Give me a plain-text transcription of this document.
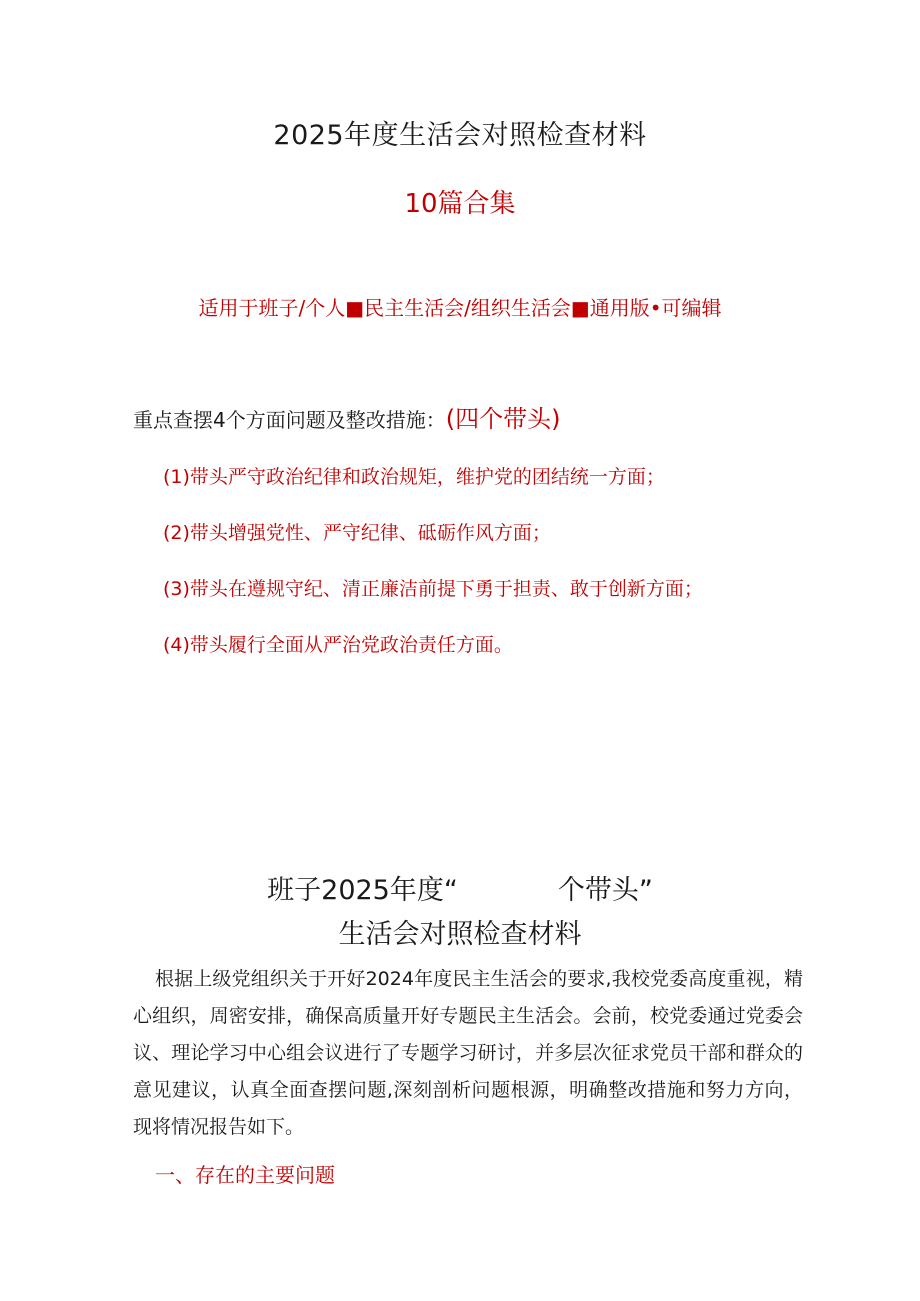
2025年度生活会对照检查材料
10篇合集
适用于班子/个人■民主生活会/组织生活会■通用版•可编辑
重点查摆4个方面问题及整改措施：(四个带头)
(1)带头严守政治纪律和政治规矩，维护党的团结统一方面；
(2)带头增强党性、严守纪律、砥砺作风方面；
(3)带头在遵规守纪、清正廉洁前提下勇于担责、敢于创新方面；
(4)带头履行全面从严治党政治责任方面。
班子2025年度“	个带头”
生活会对照检查材料

根据上级党组织关于开好2024年度民主生活会的要求,我校党委高度重视，精心组织，周密安排，确保高质量开好专题民主生活会。会前，校党委通过党委会议、理论学习中心组会议进行了专题学习研讨，并多层次征求党员干部和群众的意见建议，认真全面查摆问题,深刻剖析问题根源，明确整改措施和努力方向，现将情况报告如下。

一、存在的主要问题
